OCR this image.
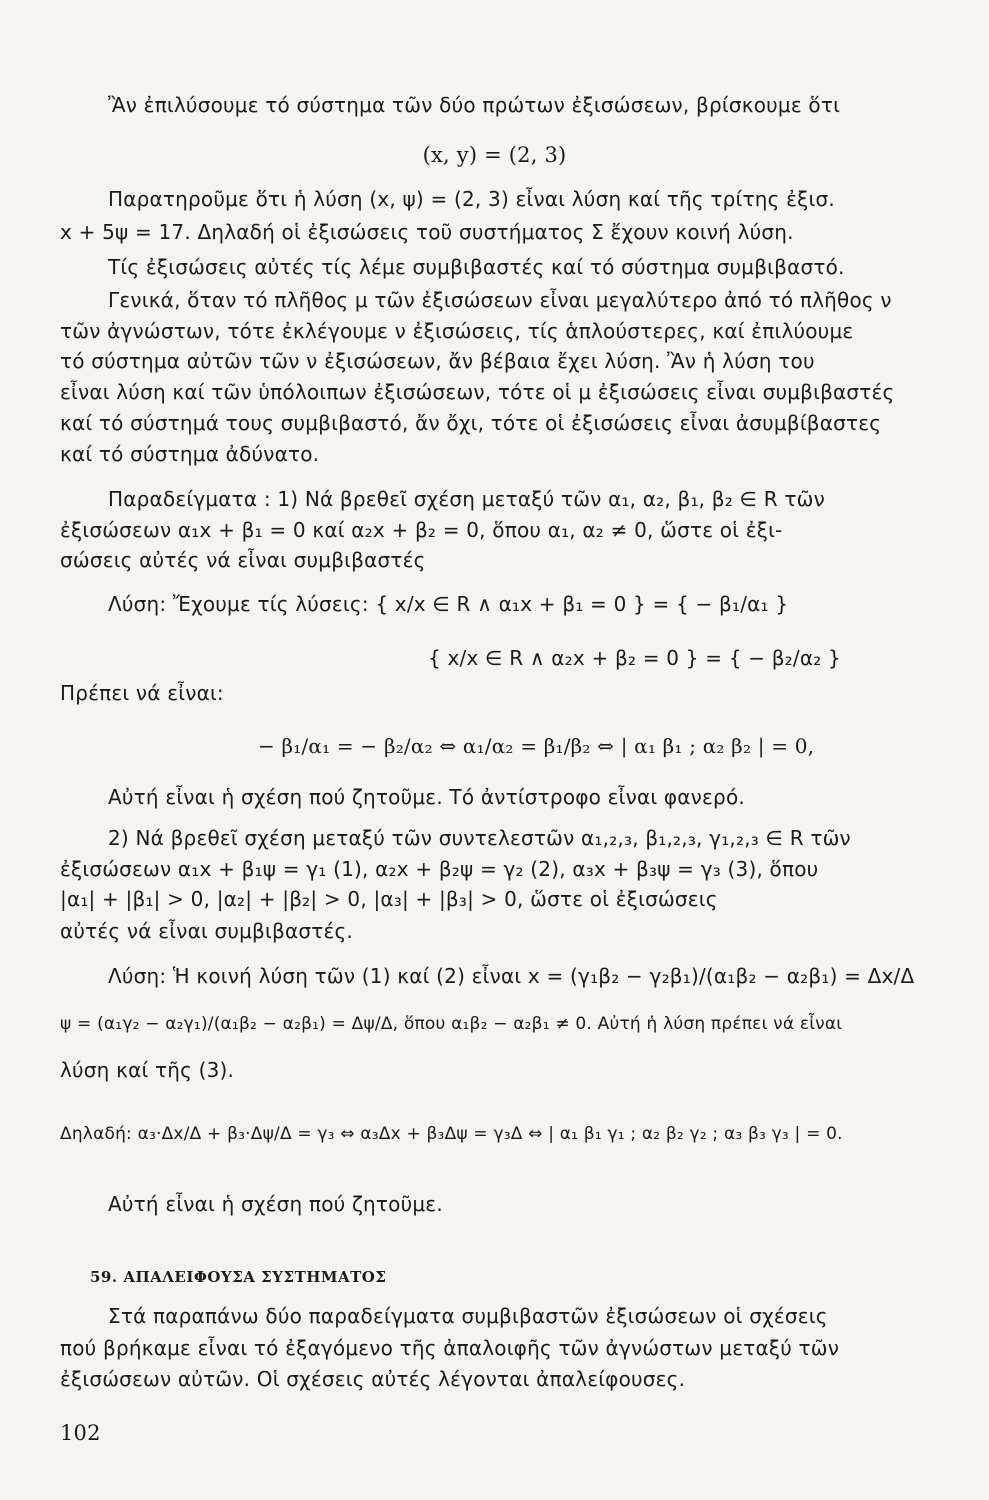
Ἂν ἐπιλύσουμε τό σύστημα τῶν δύο πρώτων ἐξισώσεων, βρίσκουμε ὅτι
(x, y) = (2, 3)
Παρατηροῦμε ὅτι ἡ λύση (x, ψ) = (2, 3) εἶναι λύση καί τῆς τρίτης ἐξισ.
x + 5ψ = 17. Δηλαδή οἱ ἐξισώσεις τοῦ συστήματος Σ ἔχουν κοινή λύση.
Τίς ἐξισώσεις αὐτές τίς λέμε συμβιβαστές καί τό σύστημα συμβιβαστό.
Γενικά, ὅταν τό πλῆθος μ τῶν ἐξισώσεων εἶναι μεγαλύτερο ἀπό τό πλῆθος ν
τῶν ἀγνώστων, τότε ἐκλέγουμε ν ἐξισώσεις, τίς ἁπλούστερες, καί ἐπιλύουμε
τό σύστημα αὐτῶν τῶν ν ἐξισώσεων, ἄν βέβαια ἔχει λύση. Ἂν ἡ λύση του
εἶναι λύση καί τῶν ὑπόλοιπων ἐξισώσεων, τότε οἱ μ ἐξισώσεις εἶναι συμβιβαστές
καί τό σύστημά τους συμβιβαστό, ἄν ὄχι, τότε οἱ ἐξισώσεις εἶναι ἀσυμβίβαστες
καί τό σύστημα ἀδύνατο.
Παραδείγματα : 1) Νά βρεθεῖ σχέση μεταξύ τῶν α₁, α₂, β₁, β₂ ∈ R τῶν
ἐξισώσεων α₁x + β₁ = 0 καί α₂x + β₂ = 0, ὅπου α₁, α₂ ≠ 0, ὥστε οἱ ἐξι-
σώσεις αὐτές νά εἶναι συμβιβαστές
Λύση: Ἔχουμε τίς λύσεις: { x/x ∈ R ∧ α₁x + β₁ = 0 } = { − β₁/α₁ }
{ x/x ∈ R ∧ α₂x + β₂ = 0 } = { − β₂/α₂ }
Πρέπει νά εἶναι:
− β₁/α₁ = − β₂/α₂ ⇔ α₁/α₂ = β₁/β₂ ⇔ | α₁ β₁ ; α₂ β₂ | = 0,
Αὐτή εἶναι ἡ σχέση πού ζητοῦμε. Τό ἀντίστροφο εἶναι φανερό.
2) Νά βρεθεῖ σχέση μεταξύ τῶν συντελεστῶν α₁,₂,₃, β₁,₂,₃, γ₁,₂,₃ ∈ R τῶν
ἐξισώσεων α₁x + β₁ψ = γ₁ (1), α₂x + β₂ψ = γ₂ (2), α₃x + β₃ψ = γ₃ (3), ὅπου
|α₁| + |β₁| > 0, |α₂| + |β₂| > 0, |α₃| + |β₃| > 0, ὥστε οἱ ἐξισώσεις
αὐτές νά εἶναι συμβιβαστές.
Λύση: Ἡ κοινή λύση τῶν (1) καί (2) εἶναι x = (γ₁β₂ − γ₂β₁)/(α₁β₂ − α₂β₁) = Δx/Δ
ψ = (α₁γ₂ − α₂γ₁)/(α₁β₂ − α₂β₁) = Δψ/Δ, ὅπου α₁β₂ − α₂β₁ ≠ 0. Αὐτή ἡ λύση πρέπει νά εἶναι
λύση καί τῆς (3).
Δηλαδή: α₃·Δx/Δ + β₃·Δψ/Δ = γ₃ ⇔ α₃Δx + β₃Δψ = γ₃Δ ⇔ | α₁ β₁ γ₁ ; α₂ β₂ γ₂ ; α₃ β₃ γ₃ | = 0.
Αὐτή εἶναι ἡ σχέση πού ζητοῦμε.
59. ΑΠΑΛΕΙΦΟΥΣΑ ΣΥΣΤΗΜΑΤΟΣ
Στά παραπάνω δύο παραδείγματα συμβιβαστῶν ἐξισώσεων οἱ σχέσεις
πού βρήκαμε εἶναι τό ἐξαγόμενο τῆς ἀπαλοιφῆς τῶν ἀγνώστων μεταξύ τῶν
ἐξισώσεων αὐτῶν. Οἱ σχέσεις αὐτές λέγονται ἀπαλείφουσες.
102
